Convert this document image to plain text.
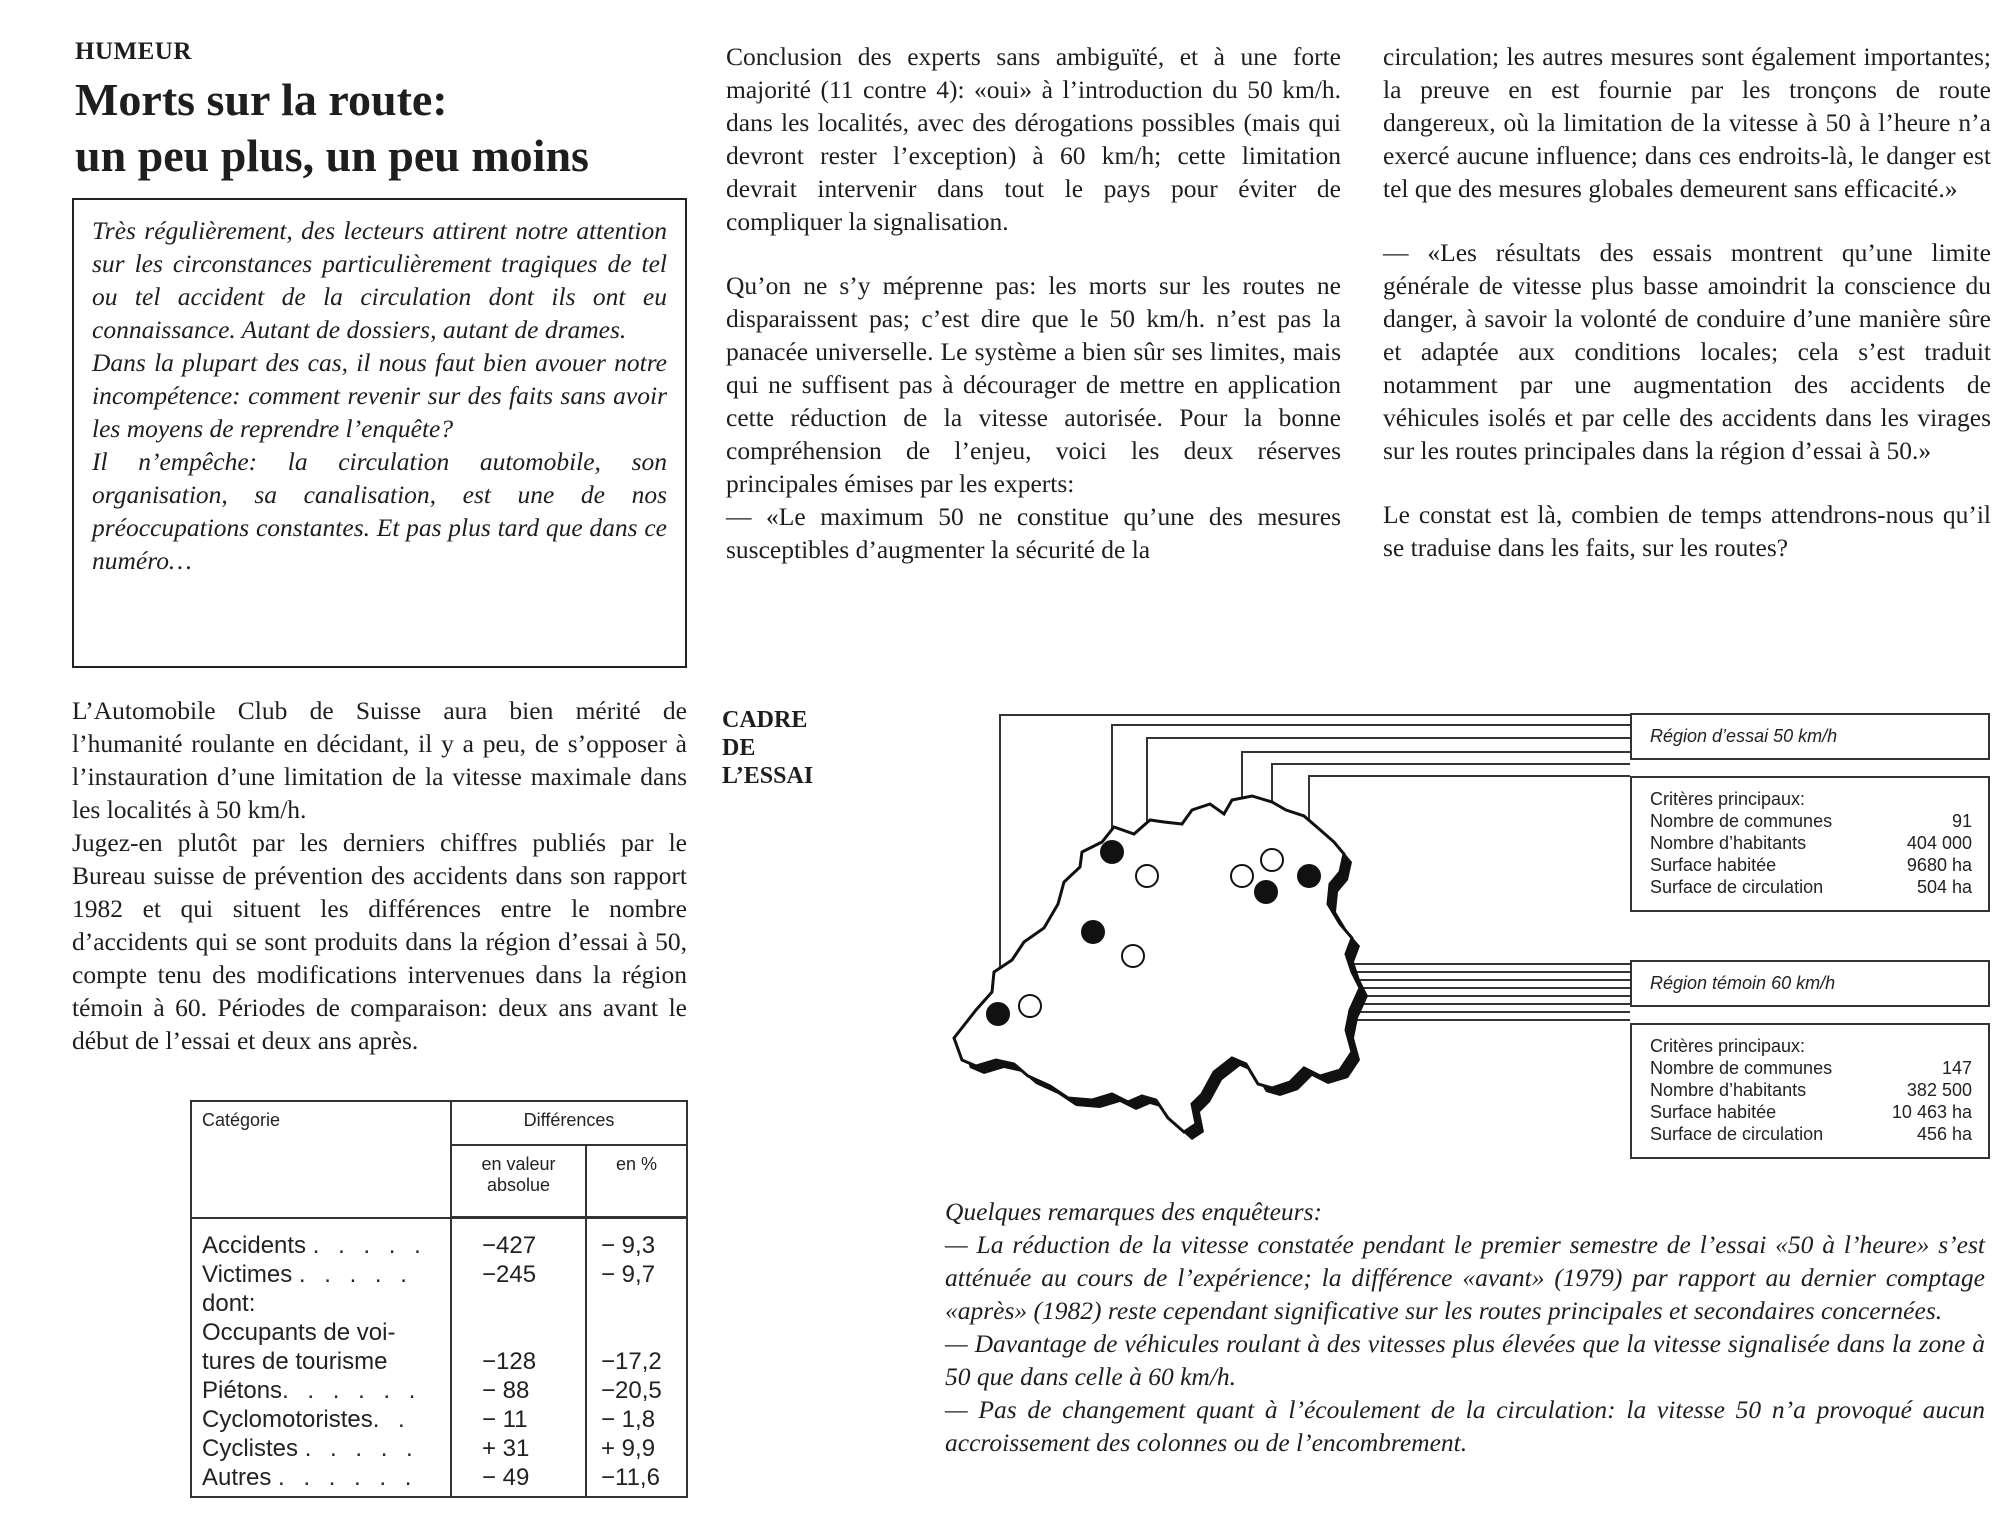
HUMEUR
Morts sur la route:
un peu plus, un peu moins

Très régulièrement, des lecteurs attirent notre attention sur les circonstances particulièrement tragiques de tel ou tel accident de la circulation dont ils ont eu connaissance. Autant de dossiers, autant de drames.

Dans la plupart des cas, il nous faut bien avouer notre incompétence: comment revenir sur des faits sans avoir les moyens de reprendre l’enquête?

Il n’empêche: la circulation automobile, son organisation, sa canalisation, est une de nos préoccupations constantes. Et pas plus tard que dans ce numéro…

L’Automobile Club de Suisse aura bien mérité de l’humanité roulante en décidant, il y a peu, de s’opposer à l’instauration d’une limitation de la vitesse maximale dans les localités à 50 km/h.

Jugez-en plutôt par les derniers chiffres publiés par le Bureau suisse de prévention des accidents dans son rapport 1982 et qui situent les différences entre le nombre d’accidents qui se sont produits dans la région d’essai à 50, compte tenu des modifications intervenues dans la région témoin à 60. Périodes de comparaison: deux ans avant le début de l’essai et deux ans après.

Conclusion des experts sans ambiguïté, et à une forte majorité (11 contre 4): «oui» à l’introduction du 50 km/h. dans les localités, avec des dérogations possibles (mais qui devront rester l’exception) à 60 km/h; cette limitation devrait intervenir dans tout le pays pour éviter de compliquer la signalisation.

Qu’on ne s’y méprenne pas: les morts sur les routes ne disparaissent pas; c’est dire que le 50 km/h. n’est pas la panacée universelle. Le système a bien sûr ses limites, mais qui ne suffisent pas à décourager de mettre en application cette réduction de la vitesse autorisée. Pour la bonne compréhension de l’enjeu, voici les deux réserves principales émises par les experts:

— «Le maximum 50 ne constitue qu’une des mesures susceptibles d’augmenter la sécurité de la

circulation; les autres mesures sont également importantes; la preuve en est fournie par les tronçons de route dangereux, où la limitation de la vitesse à 50 à l’heure n’a exercé aucune influence; dans ces endroits-là, le danger est tel que des mesures globales demeurent sans efficacité.»

— «Les résultats des essais montrent qu’une limite générale de vitesse plus basse amoindrit la conscience du danger, à savoir la volonté de conduire d’une manière sûre et adaptée aux conditions locales; cela s’est traduit notamment par une augmentation des accidents de véhicules isolés et par celle des accidents dans les virages sur les routes principales dans la région d’essai à 50.»

Le constat est là, combien de temps attendrons-nous qu’il se traduise dans les faits, sur les routes?

Catégorie	Différences	
	en valeur absolue	en %
Accidents . . . . .	−427	− 9,3
Victimes . . . . .	−245	− 9,7
dont:		
Occupants de voi-		
tures de tourisme	−128	−17,2
Piétons. . . . . .	− 88	−20,5
Cyclomotoristes. .	− 11	− 1,8
Cyclistes . . . . .	+ 31	+ 9,9
Autres . . . . . .	− 49	−11,6
CADRE
DE
L’ESSAI
Région d’essai 50 km/h
Critères principaux:
Nombre de communes	91
Nombre d’habitants	404 000
Surface habitée	9680 ha
Surface de circulation	504 ha
Région témoin 60 km/h
Critères principaux:
Nombre de communes	147
Nombre d’habitants	382 500
Surface habitée	10 463 ha
Surface de circulation	456 ha

Quelques remarques des enquêteurs:

— La réduction de la vitesse constatée pendant le premier semestre de l’essai «50 à l’heure» s’est atténuée au cours de l’expérience; la différence «avant» (1979) par rapport au dernier comptage «après» (1982) reste cependant significative sur les routes principales et secondaires concernées.

— Davantage de véhicules roulant à des vitesses plus élevées que la vitesse signalisée dans la zone à 50 que dans celle à 60 km/h.

— Pas de changement quant à l’écoulement de la circulation: la vitesse 50 n’a provoqué aucun accroissement des colonnes ou de l’encombrement.
